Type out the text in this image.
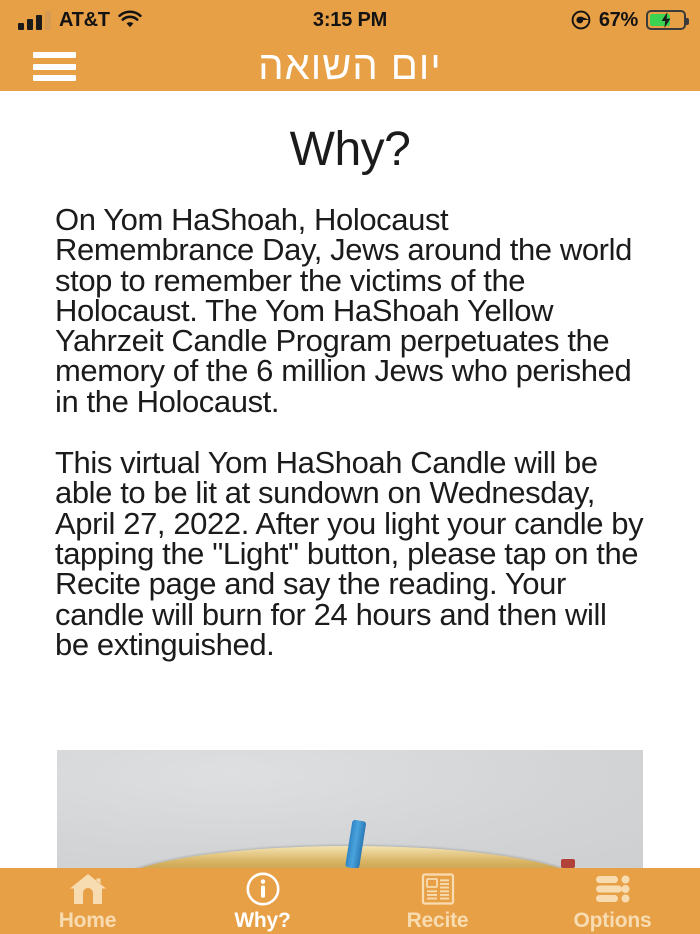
AT&T	3:15 PM	67%
יום השואה
Why?

On Yom HaShoah, Holocaust Remembrance Day, Jews around the world stop to remember the victims of the Holocaust. The Yom HaShoah Yellow Yahrzeit Candle Program perpetuates the memory of the 6 million Jews who perished in the Holocaust.

This virtual Yom HaShoah Candle will be able to be lit at sundown on Wednesday, April 27, 2022. After you light your candle by tapping the "Light" button, please tap on the Recite page and say the reading. Your candle will burn for 24 hours and then will be extinguished.

Home	Why?	Recite	Options
